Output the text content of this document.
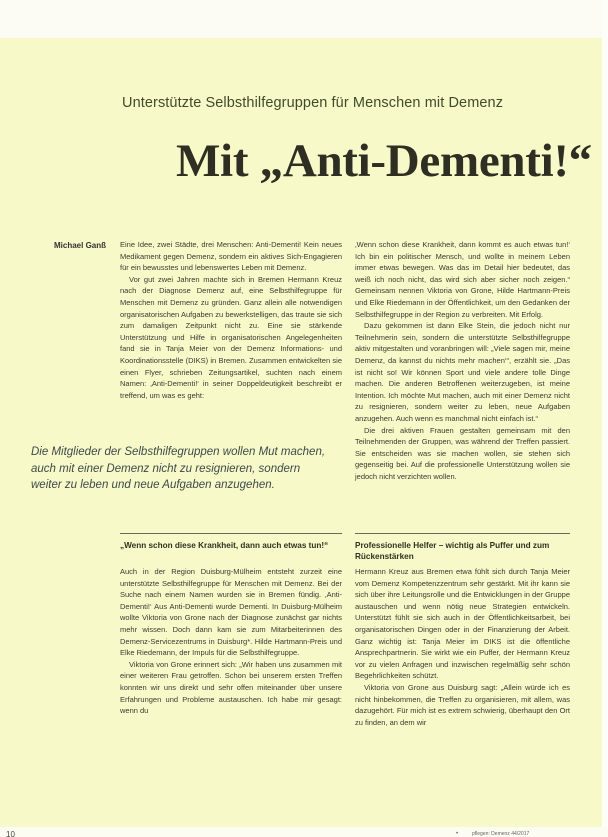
Unterstützte Selbsthilfegruppen für Menschen mit Demenz
Mit „Anti-Dementi!“
Michael Ganß Eine Idee, zwei Städte, drei Menschen: Anti-Dementi! Kein neues Medikament gegen Demenz, sondern ein aktives Sich-Engagieren für ein bewusstes und lebenswertes Leben mit Demenz.

Vor gut zwei Jahren machte sich in Bremen Hermann Kreuz nach der Diagnose Demenz auf, eine Selbsthilfegruppe für Menschen mit Demenz zu gründen. Ganz allein alle notwendigen organisatorischen Aufgaben zu bewerkstelligen, das traute sie sich zum damaligen Zeitpunkt nicht zu. Eine sie stärkende Unterstützung und Hilfe in organisatorischen Angelegenheiten fand sie in Tanja Meier von der Demenz Informations- und Koordinationsstelle (DIKS) in Bremen. Zusammen entwickelten sie einen Flyer, schrieben Zeitungsartikel, suchten nach einem Namen: ‚Anti-Dementi!‘ in seiner Doppeldeutigkeit beschreibt er treffend, um was es geht:

‚Wenn schon diese Krankheit, dann kommt es auch etwas tun!‘ Ich bin ein politischer Mensch, und wollte in meinem Leben immer etwas bewegen. Was das im Detail hier bedeutet, das weiß ich noch nicht, das wird sich aber sicher noch zeigen.“ Gemeinsam nennen Viktoria von Grone, Hilde Hartmann-Preis und Elke Riedemann in der Öffentlichkeit, um den Gedanken der Selbsthilfegruppe in der Region zu verbreiten. Mit Erfolg.

Dazu gekommen ist dann Elke Stein, die jedoch nicht nur Teilnehmerin sein, sondern die unterstützte Selbsthilfegruppe aktiv mitgestalten und voranbringen will: „Viele sagen mir, meine Demenz, da kannst du nichts mehr machen‘“, erzählt sie. „Das ist nicht so! Wir können Sport und viele andere tolle Dinge machen. Die anderen Betroffenen weiterzugeben, ist meine Intention. Ich möchte Mut machen, auch mit einer Demenz nicht zu resignieren, sondern weiter zu leben, neue Aufgaben anzugehen. Auch wenn es manchmal nicht einfach ist.“

Die drei aktiven Frauen gestalten gemeinsam mit den Teilnehmenden der Gruppen, was während der Treffen passiert. Sie entscheiden was sie machen wollen, sie stehen sich gegenseitig bei. Auf die professionelle Unterstützung wollen sie jedoch nicht verzichten wollen.

Die Mitglieder der Selbsthilfegruppen wollen Mut machen, auch mit einer Demenz nicht zu resignieren, sondern weiter zu leben und neue Aufgaben anzugehen.
„Wenn schon diese Krankheit, dann auch etwas tun!“	Professionelle Helfer – wichtig als Puffer und zum Rückenstärken

Auch in der Region Duisburg-Mülheim entsteht zurzeit eine unterstützte Selbsthilfegruppe für Menschen mit Demenz. Bei der Suche nach einem Namen wurden sie in Bremen fündig. ‚Anti-Dementi!‘ Aus Anti-Dementi wurde Dementi. In Duisburg-Mülheim wollte Viktoria von Grone nach der Diagnose zunächst gar nichts mehr wissen. Doch dann kam sie zum Mitarbeiterinnen des Demenz-Servicezentrums in Duisburg*. Hilde Hartmann-Preis und Elke Riedemann, der Impuls für die Selbsthilfegruppe.

Viktoria von Grone erinnert sich: „Wir haben uns zusammen mit einer weiteren Frau getroffen. Schon bei unserem ersten Treffen konnten wir uns direkt und sehr offen miteinander über unsere Erfahrungen und Probleme austauschen. Ich habe mir gesagt: wenn du

Hermann Kreuz aus Bremen etwa fühlt sich durch Tanja Meier vom Demenz Kompetenzzentrum sehr gestärkt. Mit ihr kann sie sich über ihre Leitungsrolle und die Entwicklungen in der Gruppe austauschen und wenn nötig neue Strategien entwickeln. Unterstützt fühlt sie sich auch in der Öffentlichkeitsarbeit, bei organisatorischen Dingen oder in der Finanzierung der Arbeit. Ganz wichtig ist: Tanja Meier im DIKS ist die öffentliche Ansprechpartnerin. Sie wirkt wie ein Puffer, der Hermann Kreuz vor zu vielen Anfragen und inzwischen regelmäßig sehr schön Begehrlichkeiten schützt.

Viktoria von Grone aus Duisburg sagt: „Allein würde ich es nicht hinbekommen, die Treffen zu organisieren, mit allem, was dazugehört. Für mich ist es extrem schwierig, überhaupt den Ort zu finden, an dem wir

10	•	pflegen: Demenz 44/2017
